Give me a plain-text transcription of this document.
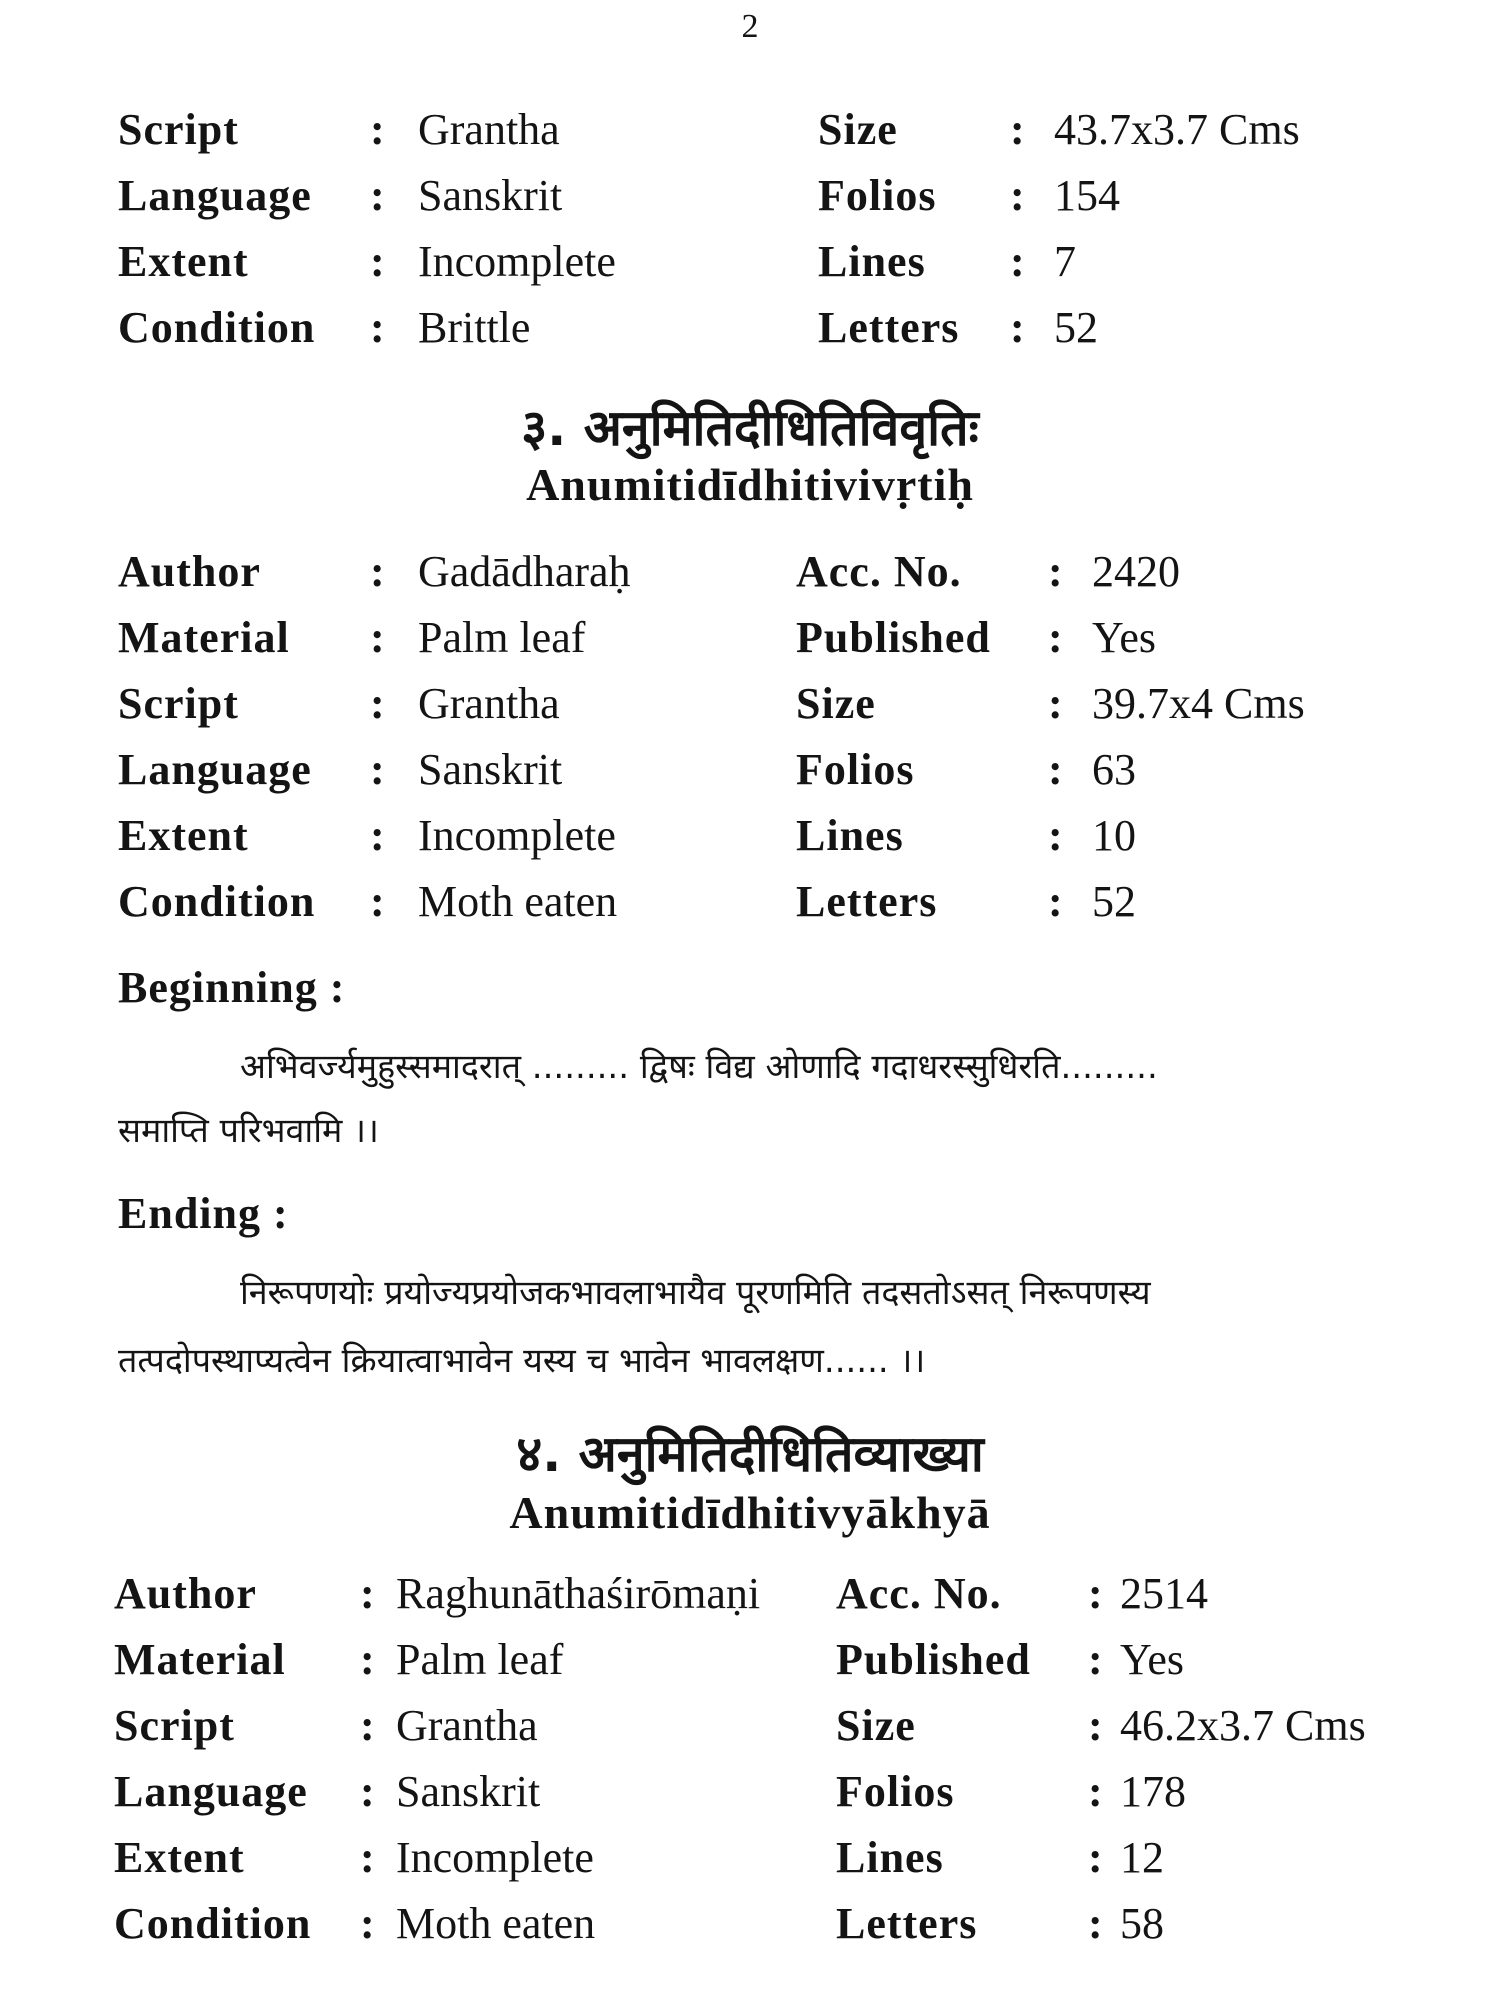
2
Script	: Grantha	Size	: 43.7x3.7 Cms
Language : Sanskrit	Folios : 154
Extent	: Incomplete	Lines : 7
Condition : Brittle	Letters : 52
३. अनुमितिदीधितिविवृतिः
Anumitidīdhitivivṛtiḥ
Author : Gadādharaḥ	Acc. No. : 2420
Material : Palm leaf	Published : Yes
Script	: Grantha	Size	: 39.7x4 Cms
Language : Sanskrit	Folios	: 63
Extent	: Incomplete	Lines	: 10
Condition : Moth eaten	Letters	: 52
Beginning :
अभिवर्ज्यमुहुस्समादरात् ......... द्विषः विद्य ओणादि गदाधरस्सुधिरति.........
समाप्ति परिभवामि ।।
Ending :
निरूपणयोः प्रयोज्यप्रयोजकभावलाभायैव पूरणमिति तदसतोऽसत् निरूपणस्य
तत्पदोपस्थाप्यत्वेन क्रियात्वाभावेन यस्य च भावेन भावलक्षण...... ।।
४. अनुमितिदीधितिव्याख्या
Anumitidīdhitivyākhyā
Author : Raghunāthaśirōmaṇi Acc. No. : 2514
Material : Palm leaf	Published : Yes
Script	: Grantha	Size	: 46.2x3.7 Cms
Language : Sanskrit	Folios	: 178
Extent	: Incomplete	Lines	: 12
Condition : Moth eaten	Letters	: 58
